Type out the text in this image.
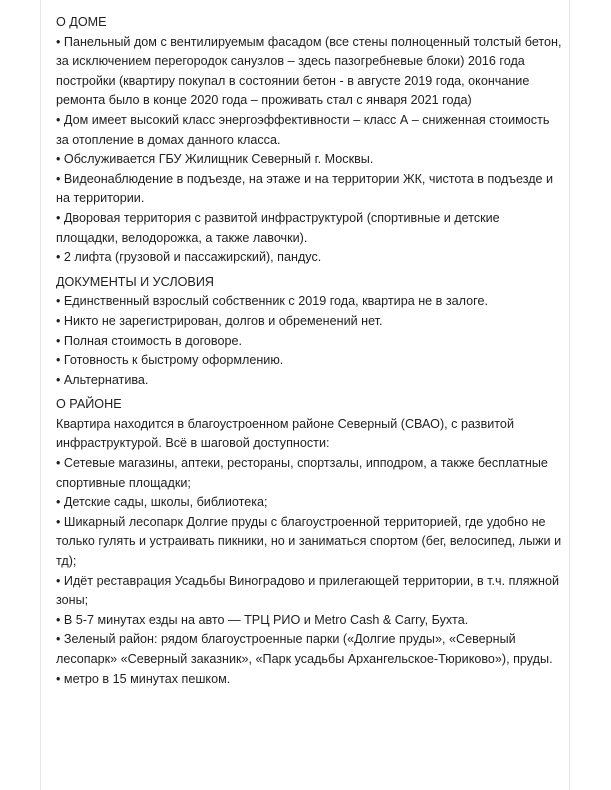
О ДОМЕ
• Панельный дом с вентилируемым фасадом (все стены полноценный толстый бетон, за исключением перегородок санузлов – здесь пазогребневые блоки) 2016 года постройки (квартиру покупал в состоянии бетон - в августе 2019 года, окончание ремонта было в конце 2020 года – проживать стал с января 2021 года)
• Дом имеет высокий класс энергоэффективности – класс А – сниженная стоимость за отопление в домах данного класса.
• Обслуживается ГБУ Жилищник Северный г. Москвы.
• Видеонаблюдение в подъезде, на этаже и на территории ЖК, чистота в подъезде и на территории.
• Дворовая территория с развитой инфраструктурой (спортивные и детские площадки, велодорожка, а также лавочки).
• 2 лифта (грузовой и пассажирский), пандус.
ДОКУМЕНТЫ И УСЛОВИЯ
• Единственный взрослый собственник с 2019 года, квартира не в залоге.
• Никто не зарегистрирован, долгов и обременений нет.
• Полная стоимость в договоре.
• Готовность к быстрому оформлению.
• Альтернатива.
О РАЙОНЕ

Квартира находится в благоустроенном районе Северный (СВАО), с развитой инфраструктурой. Всё в шаговой доступности:

• Сетевые магазины, аптеки, рестораны, спортзалы, ипподром, а также бесплатные спортивные площадки;
• Детские сады, школы, библиотека;
• Шикарный лесопарк Долгие пруды с благоустроенной территорией, где удобно не только гулять и устраивать пикники, но и заниматься спортом (бег, велосипед, лыжи и тд);
• Идёт реставрация Усадьбы Виноградово и прилегающей территории, в т.ч. пляжной зоны;
• В 5-7 минутах езды на авто — ТРЦ РИО и Metro Cash & Carry, Бухта.
• Зеленый район: рядом благоустроенные парки («Долгие пруды», «Северный лесопарк» «Северный заказник», «Парк усадьбы Архангельское-Тюриково»), пруды.
• метро в 15 минутах пешком.
